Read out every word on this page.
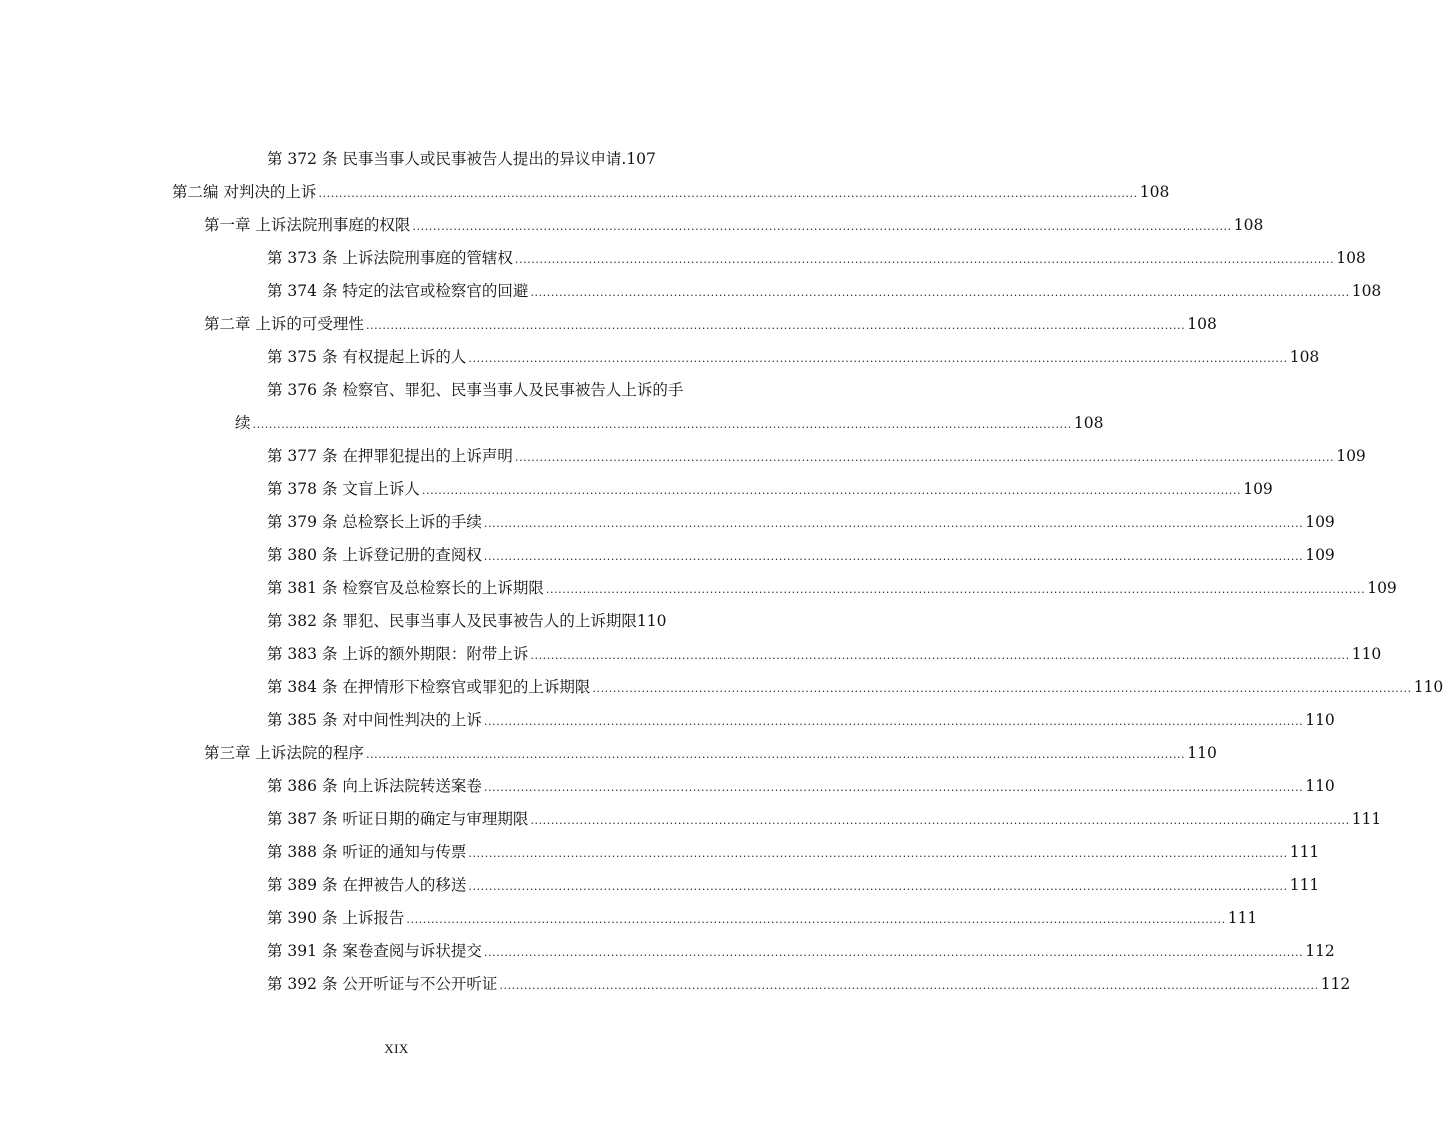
第 372 条 民事当事人或民事被告人提出的异议申请.107
第二编 对判决的上诉 ........................................................................................................................................................................................................ 108
第一章 上诉法院刑事庭的权限 ........................................................................................................................................................................................................ 108
第 373 条 上诉法院刑事庭的管辖权 ........................................................................................................................................................................................................ 108
第 374 条 特定的法官或检察官的回避 ........................................................................................................................................................................................................ 108
第二章 上诉的可受理性 ........................................................................................................................................................................................................ 108
第 375 条 有权提起上诉的人 ........................................................................................................................................................................................................ 108
第 376 条 检察官、罪犯、民事当事人及民事被告人上诉的手
续 ........................................................................................................................................................................................................ 108
第 377 条 在押罪犯提出的上诉声明 ........................................................................................................................................................................................................ 109
第 378 条 文盲上诉人 ........................................................................................................................................................................................................ 109
第 379 条 总检察长上诉的手续 ........................................................................................................................................................................................................ 109
第 380 条 上诉登记册的查阅权 ........................................................................................................................................................................................................ 109
第 381 条 检察官及总检察长的上诉期限 ........................................................................................................................................................................................................ 109
第 382 条 罪犯、民事当事人及民事被告人的上诉期限110
第 383 条 上诉的额外期限：附带上诉 ........................................................................................................................................................................................................ 110
第 384 条 在押情形下检察官或罪犯的上诉期限 ........................................................................................................................................................................................................ 110
第 385 条 对中间性判决的上诉 ........................................................................................................................................................................................................ 110
第三章 上诉法院的程序 ........................................................................................................................................................................................................ 110
第 386 条 向上诉法院转送案卷 ........................................................................................................................................................................................................ 110
第 387 条 听证日期的确定与审理期限 ........................................................................................................................................................................................................ 111
第 388 条 听证的通知与传票 ........................................................................................................................................................................................................ 111
第 389 条 在押被告人的移送 ........................................................................................................................................................................................................ 111
第 390 条 上诉报告 ........................................................................................................................................................................................................ 111
第 391 条 案卷查阅与诉状提交 ........................................................................................................................................................................................................ 112
第 392 条 公开听证与不公开听证 ........................................................................................................................................................................................................ 112
XIX
